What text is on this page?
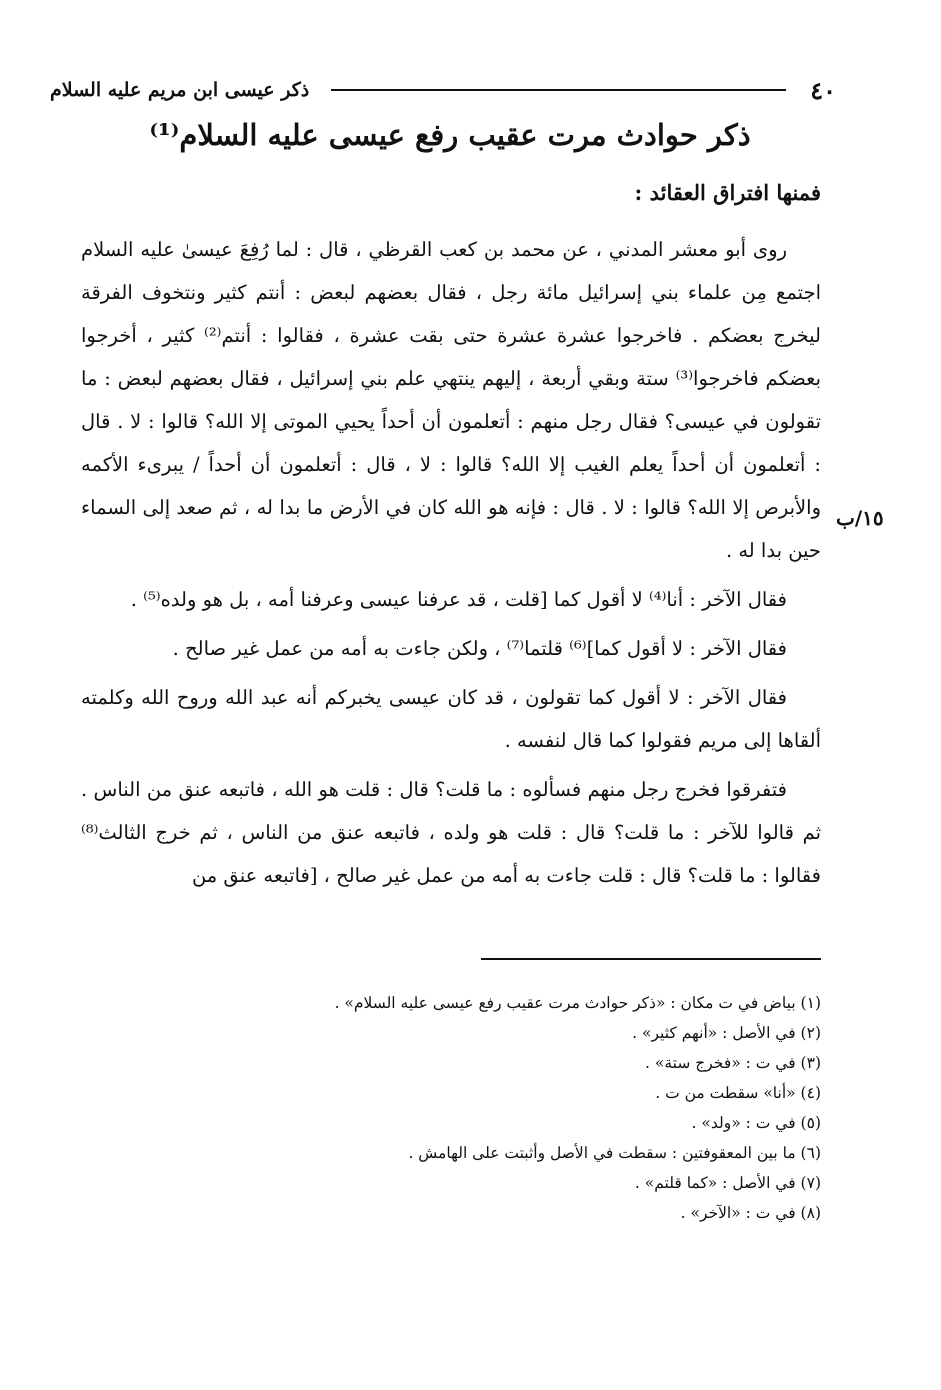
٤٠
ذكر عيسى ابن مريم عليه السلام
ذكر حوادث مرت عقيب رفع عيسى عليه السلام⁽¹⁾
فمنها افتراق العقائد :
١٥/ب

روى أبو معشر المدني ، عن محمد بن كعب القرظي ، قال : لما رُفِعَ عيسىٰ عليه السلام اجتمع مِن علماء بني إسرائيل مائة رجل ، فقال بعضهم لبعض : أنتم كثير ونتخوف الفرقة ليخرج بعضكم . فاخرجوا عشرة عشرة حتى بقت عشرة ، فقالوا : أنتم⁽²⁾ كثير ، أخرجوا بعضكم فاخرجوا⁽³⁾ ستة وبقي أربعة ، إليهم ينتهي علم بني إسرائيل ، فقال بعضهم لبعض : ما تقولون في عيسى؟ فقال رجل منهم : أتعلمون أن أحداً يحيي الموتى إلا الله؟ قالوا : لا . قال : أتعلمون أن أحداً يعلم الغيب إلا الله؟ قالوا : لا ، قال : أتعلمون أن أحداً / يبرىء الأكمه والأبرص إلا الله؟ قالوا : لا . قال : فإنه هو الله كان في الأرض ما بدا له ، ثم صعد إلى السماء حين بدا له .

فقال الآخر : أنا⁽⁴⁾ لا أقول كما [قلت ، قد عرفنا عيسى وعرفنا أمه ، بل هو ولده⁽⁵⁾ .

فقال الآخر : لا أقول كما]⁽⁶⁾ قلتما⁽⁷⁾ ، ولكن جاءت به أمه من عمل غير صالح .

فقال الآخر : لا أقول كما تقولون ، قد كان عيسى يخبركم أنه عبد الله وروح الله وكلمته ألقاها إلى مريم فقولوا كما قال لنفسه .

فتفرقوا فخرج رجل منهم فسألوه : ما قلت؟ قال : قلت هو الله ، فاتبعه عنق من الناس . ثم قالوا للآخر : ما قلت؟ قال : قلت هو ولده ، فاتبعه عنق من الناس ، ثم خرج الثالث⁽⁸⁾ فقالوا : ما قلت؟ قال : قلت جاءت به أمه من عمل غير صالح ، [فاتبعه عنق من

(١) بياض في ت مكان : «ذكر حوادث مرت عقيب رفع عيسى عليه السلام» .
(٢) في الأصل : «أنهم كثير» .
(٣) في ت : «فخرج ستة» .
(٤) «أنا» سقطت من ت .
(٥) في ت : «ولد» .
(٦) ما بين المعقوفتين : سقطت في الأصل وأثبتت على الهامش .
(٧) في الأصل : «كما قلتم» .
(٨) في ت : «الآخر» .
